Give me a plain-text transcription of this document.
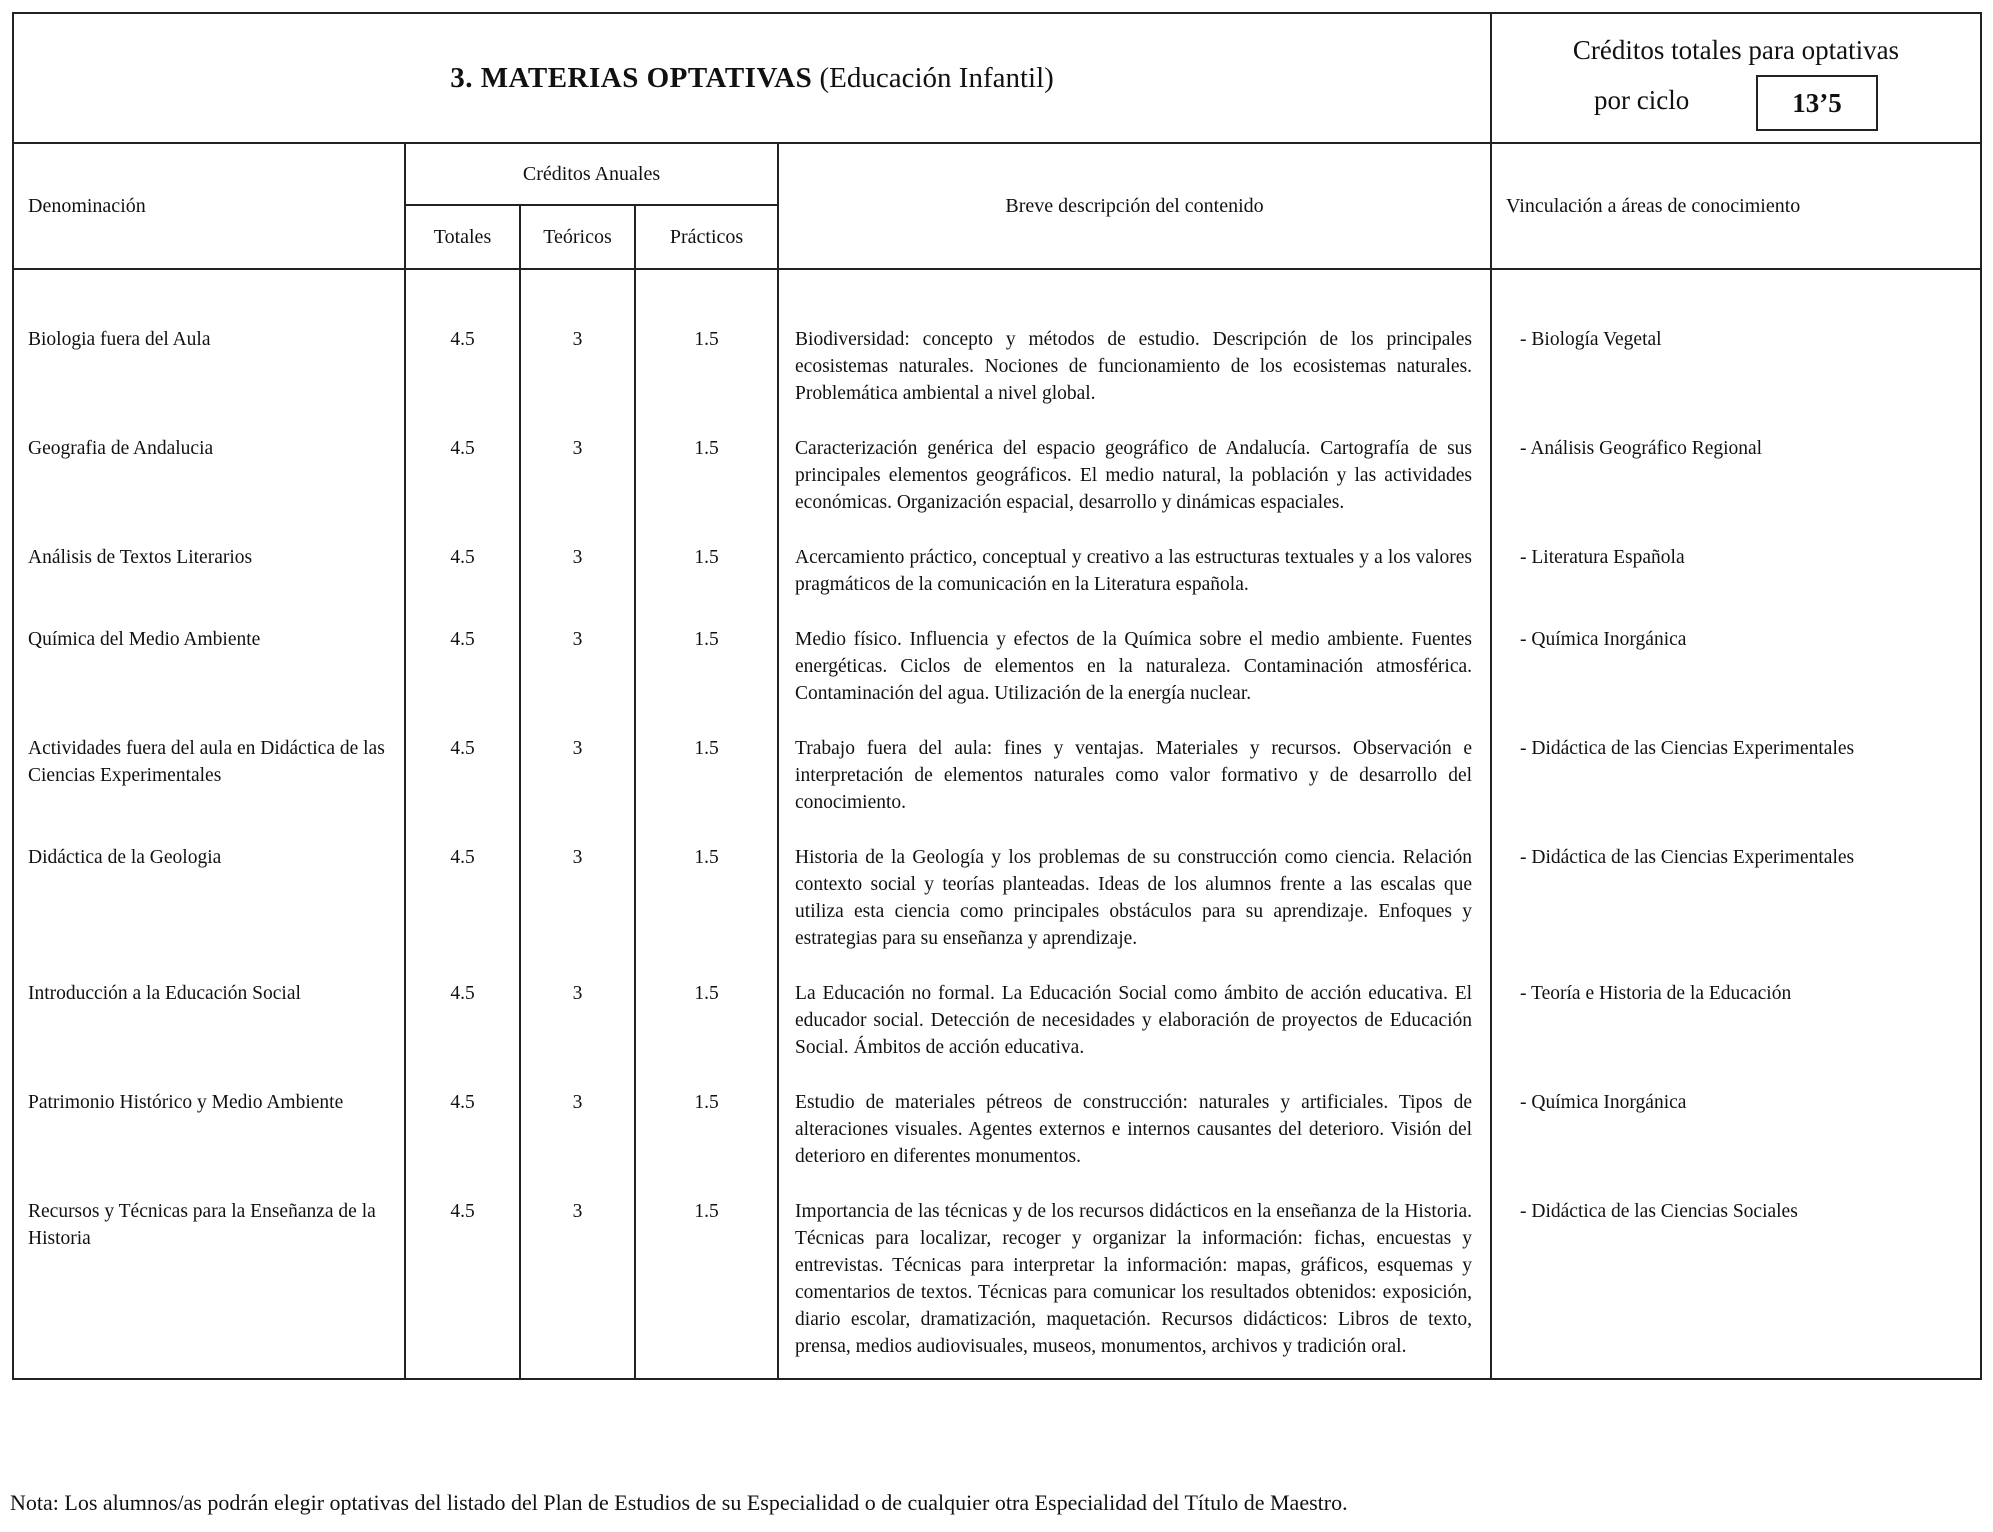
3. MATERIAS OPTATIVAS (Educación Infantil)	
Créditos totales para optativas
por ciclo	13’5
Denominación	Créditos Anuales			Breve descripción del contenido	Vinculación a áreas de conocimiento
	Totales	Teóricos	Prácticos		
Biologia fuera del Aula	4.5	3	1.5	Biodiversidad: concepto y métodos de estudio. Descripción de los principales ecosistemas naturales. Nociones de funcionamiento de los ecosistemas naturales. Problemática ambiental a nivel global.	- Biología Vegetal
Geografia de Andalucia	4.5	3	1.5	Caracterización genérica del espacio geográfico de Andalucía. Cartografía de sus principales elementos geográficos. El medio natural, la población y las actividades económicas. Organización espacial, desarrollo y dinámicas espaciales.	- Análisis Geográfico Regional
Análisis de Textos Literarios	4.5	3	1.5	Acercamiento práctico, conceptual y creativo a las estructuras textuales y a los valores pragmáticos de la comunicación en la Literatura española.	- Literatura Española
Química del Medio Ambiente	4.5	3	1.5	Medio físico. Influencia y efectos de la Química sobre el medio ambiente. Fuentes energéticas. Ciclos de elementos en la naturaleza. Contaminación atmosférica. Contaminación del agua. Utilización de la energía nuclear.	- Química Inorgánica
Actividades fuera del aula en Didáctica de las Ciencias Experimentales	4.5	3	1.5	Trabajo fuera del aula: fines y ventajas. Materiales y recursos. Observación e interpretación de elementos naturales como valor formativo y de desarrollo del conocimiento.	- Didáctica de las Ciencias Experimentales
Didáctica de la Geologia	4.5	3	1.5	Historia de la Geología y los problemas de su construcción como ciencia. Relación contexto social y teorías planteadas. Ideas de los alumnos frente a las escalas que utiliza esta ciencia como principales obstáculos para su aprendizaje. Enfoques y estrategias para su enseñanza y aprendizaje.	- Didáctica de las Ciencias Experimentales
Introducción a la Educación Social	4.5	3	1.5	La Educación no formal. La Educación Social como ámbito de acción educativa. El educador social. Detección de necesidades y elaboración de proyectos de Educación Social. Ámbitos de acción educativa.	- Teoría e Historia de la Educación
Patrimonio Histórico y Medio Ambiente	4.5	3	1.5	Estudio de materiales pétreos de construcción: naturales y artificiales. Tipos de alteraciones visuales. Agentes externos e internos causantes del deterioro. Visión del deterioro en diferentes monumentos.	- Química Inorgánica
Recursos y Técnicas para la Enseñanza de la Historia	4.5	3	1.5	Importancia de las técnicas y de los recursos didácticos en la enseñanza de la Historia. Técnicas para localizar, recoger y organizar la información: fichas, encuestas y entrevistas. Técnicas para interpretar la información: mapas, gráficos, esquemas y comentarios de textos. Técnicas para comunicar los resultados obtenidos: exposición, diario escolar, dramatización, maquetación. Recursos didácticos: Libros de texto, prensa, medios audiovisuales, museos, monumentos, archivos y tradición oral.	- Didáctica de las Ciencias Sociales
Nota: Los alumnos/as podrán elegir optativas del listado del Plan de Estudios de su Especialidad o de cualquier otra Especialidad del Título de Maestro.
